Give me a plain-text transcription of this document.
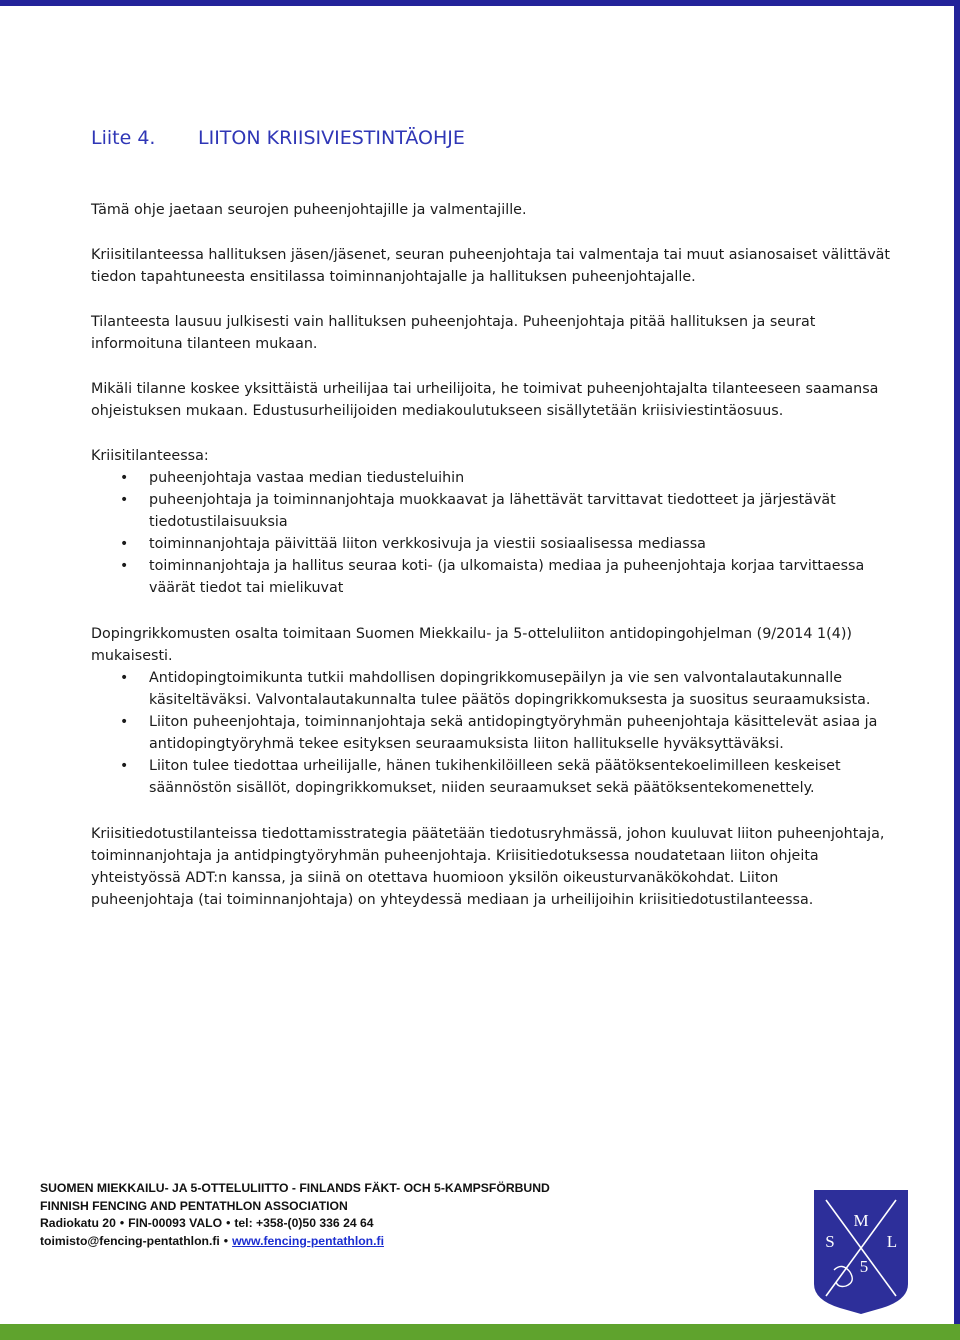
Liite 4.	LIITON KRIISIVIESTINTÄOHJE

Tämä ohje jaetaan seurojen puheenjohtajille ja valmentajille.

Kriisitilanteessa hallituksen jäsen/jäsenet, seuran puheenjohtaja tai valmentaja tai muut asianosaiset välittävät

tiedon tapahtuneesta ensitilassa toiminnanjohtajalle ja hallituksen puheenjohtajalle.

Tilanteesta lausuu julkisesti vain hallituksen puheenjohtaja. Puheenjohtaja pitää hallituksen ja seurat

informoituna tilanteen mukaan.

Mikäli tilanne koskee yksittäistä urheilijaa tai urheilijoita, he toimivat puheenjohtajalta tilanteeseen saamansa

ohjeistuksen mukaan. Edustusurheilijoiden mediakoulutukseen sisällytetään kriisiviestintäosuus.

Kriisitilanteessa:

• puheenjohtaja vastaa median tiedusteluihin
• puheenjohtaja ja toiminnanjohtaja muokkaavat ja lähettävät tarvittavat tiedotteet ja järjestävät
tiedotustilaisuuksia
• toiminnanjohtaja päivittää liiton verkkosivuja ja viestii sosiaalisessa mediassa
• toiminnanjohtaja ja hallitus seuraa koti- (ja ulkomaista) mediaa ja puheenjohtaja korjaa tarvittaessa
väärät tiedot tai mielikuvat

Dopingrikkomusten osalta toimitaan Suomen Miekkailu- ja 5-otteluliiton antidopingohjelman (9/2014 1(4))

mukaisesti.

• Antidopingtoimikunta tutkii mahdollisen dopingrikkomusepäilyn ja vie sen valvontalautakunnalle
käsiteltäväksi. Valvontalautakunnalta tulee päätös dopingrikkomuksesta ja suositus seuraamuksista.
• Liiton puheenjohtaja, toiminnanjohtaja sekä antidopingtyöryhmän puheenjohtaja käsittelevät asiaa ja
antidopingtyöryhmä tekee esityksen seuraamuksista liiton hallitukselle hyväksyttäväksi.
• Liiton tulee tiedottaa urheilijalle, hänen tukihenkilöilleen sekä päätöksentekoelimilleen keskeiset
säännöstön sisällöt, dopingrikkomukset, niiden seuraamukset sekä päätöksentekomenettely.

Kriisitiedotustilanteissa tiedottamisstrategia päätetään tiedotusryhmässä, johon kuuluvat liiton puheenjohtaja,

toiminnanjohtaja ja antidpingtyöryhmän puheenjohtaja. Kriisitiedotuksessa noudatetaan liiton ohjeita

yhteistyössä ADT:n kanssa, ja siinä on otettava huomioon yksilön oikeusturvanäkökohdat. Liiton

puheenjohtaja (tai toiminnanjohtaja) on yhteydessä mediaan ja urheilijoihin kriisitiedotustilanteessa.

SUOMEN MIEKKAILU- JA 5-OTTELULIITTO - FINLANDS FÄKT- OCH 5-KAMPSFÖRBUND
FINNISH FENCING AND PENTATHLON ASSOCIATION
Radiokatu 20 • FIN-00093 VALO • tel: +358-(0)50 336 24 64
toimisto@fencing-pentathlon.fi • www.fencing-pentathlon.fi
M
S	L
5
